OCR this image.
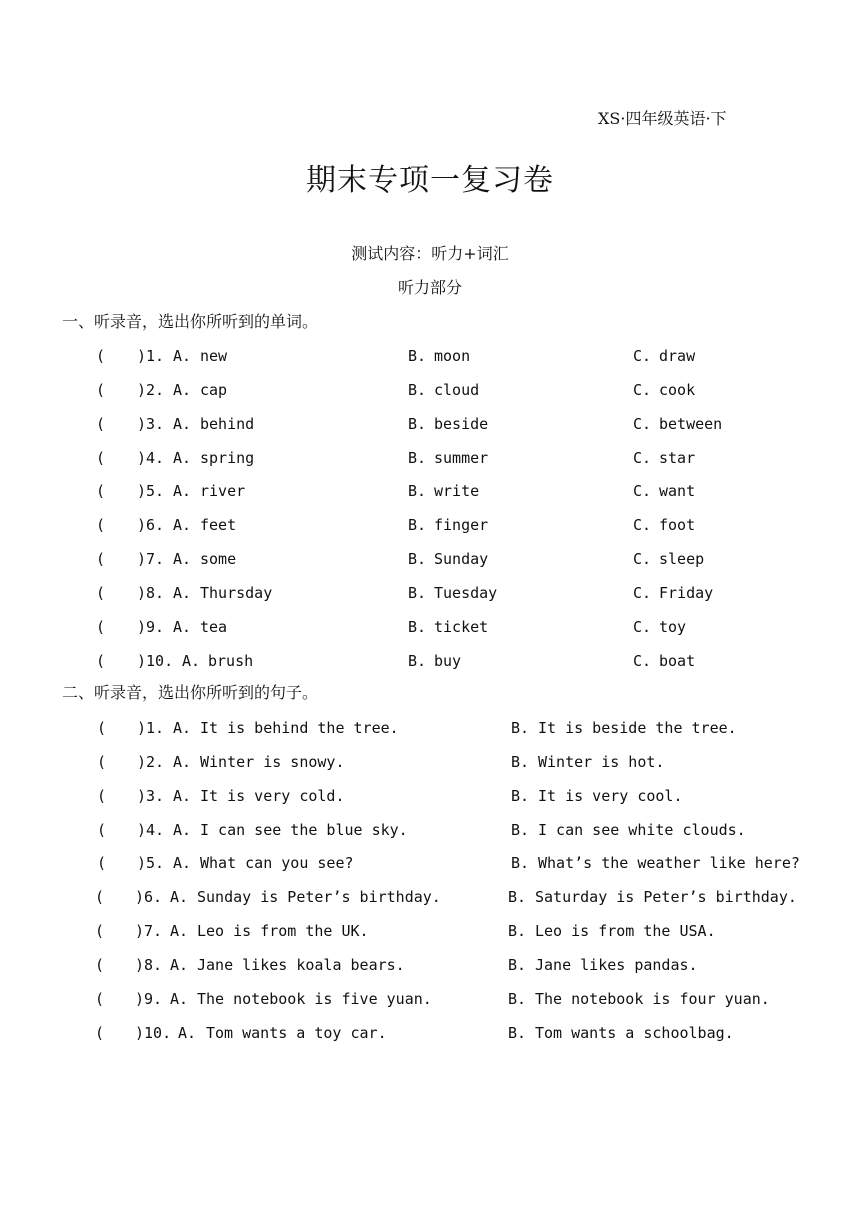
XS·四年级英语·下
期末专项一复习卷
测试内容：听力+词汇
听力部分
一、听录音，选出你所听到的单词。
( )1. A. new	B. moon	C. draw
( )2. A. cap	B. cloud	C. cook
( )3. A. behind	B. beside	C. between
( )4. A. spring	B. summer	C. star
( )5. A. river	B. write	C. want
( )6. A. feet	B. finger	C. foot
( )7. A. some	B. Sunday	C. sleep
( )8. A. Thursday	B. Tuesday	C. Friday
( )9. A. tea	B. ticket	C. toy
( )10. A. brush	B. buy	C. boat
二、听录音，选出你所听到的句子。
( )1. A. It is behind the tree.	B. It is beside the tree.
( )2. A. Winter is snowy.	B. Winter is hot.
( )3. A. It is very cold.	B. It is very cool.
( )4. A. I can see the blue sky.	B. I can see white clouds.
( )5. A. What can you see?	B. What’s the weather like here?
( )6. A. Sunday is Peter’s birthday.	B. Saturday is Peter’s birthday.
( )7. A. Leo is from the UK.	B. Leo is from the USA.
( )8. A. Jane likes koala bears.	B. Jane likes pandas.
( )9. A. The notebook is five yuan.	B. The notebook is four yuan.
( )10. A. Tom wants a toy car.	B. Tom wants a schoolbag.
